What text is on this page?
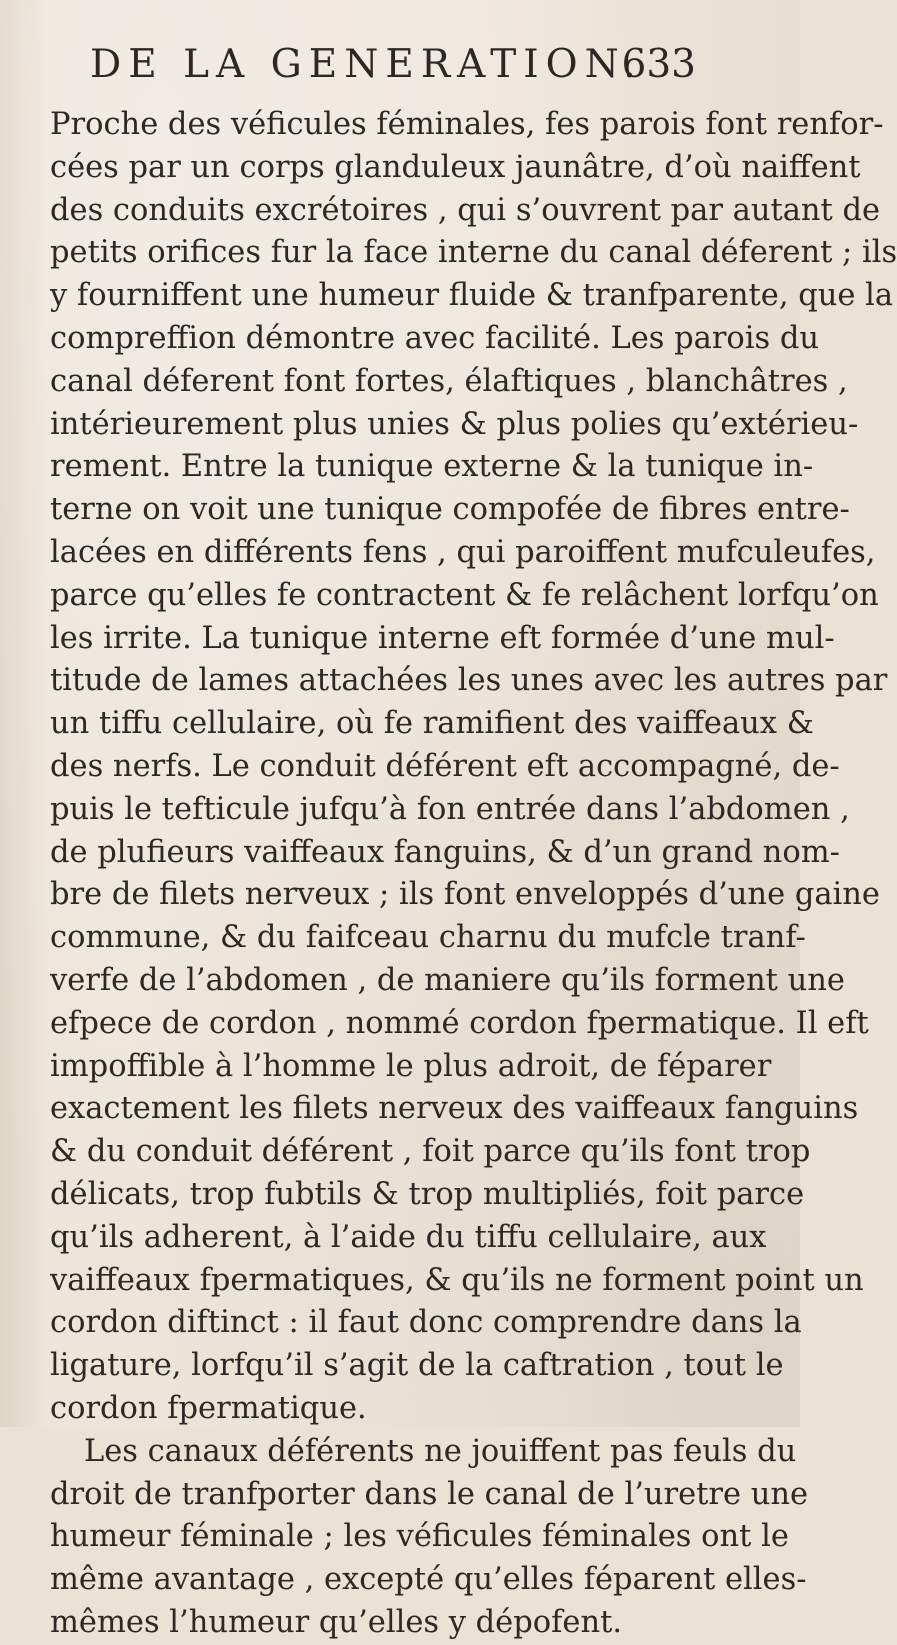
DE LA GENERATION.
633
Proche des véficules féminales, fes parois font renfor-
cées par un corps glanduleux jaunâtre, d’où naiffent
des conduits excrétoires , qui s’ouvrent par autant de
petits orifices fur la face interne du canal déferent ; ils
y fourniffent une humeur fluide & tranfparente, que la
compreffion démontre avec facilité. Les parois du
canal déferent font fortes, élaftiques , blanchâtres ,
intérieurement plus unies & plus polies qu’extérieu-
rement. Entre la tunique externe & la tunique in-
terne on voit une tunique compofée de fibres entre-
lacées en différents fens , qui paroiffent mufculeufes,
parce qu’elles fe contractent & fe relâchent lorfqu’on
les irrite. La tunique interne eft formée d’une mul-
titude de lames attachées les unes avec les autres par
un tiffu cellulaire, où fe ramifient des vaiffeaux &
des nerfs. Le conduit déférent eft accompagné, de-
puis le tefticule jufqu’à fon entrée dans l’abdomen ,
de plufieurs vaiffeaux fanguins, & d’un grand nom-
bre de filets nerveux ; ils font enveloppés d’une gaine
commune, & du faifceau charnu du mufcle tranf-
verfe de l’abdomen , de maniere qu’ils forment une
efpece de cordon , nommé cordon fpermatique. Il eft
impoffible à l’homme le plus adroit, de féparer
exactement les filets nerveux des vaiffeaux fanguins
& du conduit déférent , foit parce qu’ils font trop
délicats, trop fubtils & trop multipliés, foit parce
qu’ils adherent, à l’aide du tiffu cellulaire, aux
vaiffeaux fpermatiques, & qu’ils ne forment point un
cordon diftinct : il faut donc comprendre dans la
ligature, lorfqu’il s’agit de la caftration , tout le
cordon fpermatique.
Les canaux déférents ne jouiffent pas feuls du
droit de tranfporter dans le canal de l’uretre une
humeur féminale ; les véficules féminales ont le
même avantage , excepté qu’elles féparent elles-
mêmes l’humeur qu’elles y dépofent.
